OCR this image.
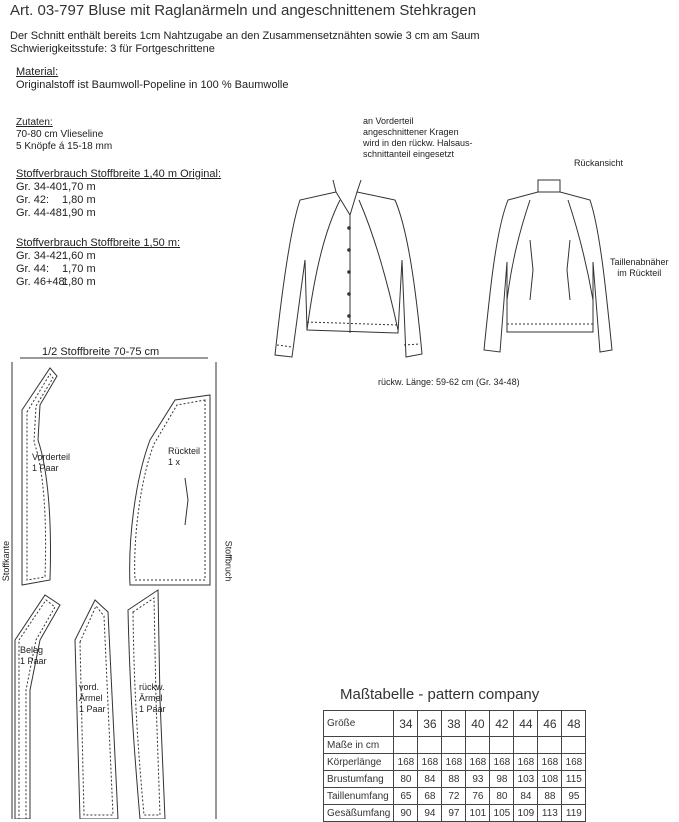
Art. 03-797 Bluse mit Raglanärmeln und angeschnittenem Stehkragen
Der Schnitt enthält bereits 1cm Nahtzugabe an den Zusammensetznähten sowie 3 cm am Saum
Schwierigkeitsstufe: 3 für Fortgeschrittene
Material:
Originalstoff ist Baumwoll-Popeline in 100 % Baumwolle
Zutaten:
70-80 cm Vlieseline
5 Knöpfe á 15-18 mm
Stoffverbrauch Stoffbreite 1,40 m Original:
Gr. 34-40:
1,70 m
Gr. 42:	1,80 m
Gr. 44-48:
1,90 m
Stoffverbrauch Stoffbreite 1,50 m:
Gr. 34-42:
1,60 m
Gr. 44:	1,70 m
Gr. 46+48:
1,80 m
an Vorderteil
angeschnittener Kragen
wird in den rückw. Halsaus-
schnittanteil eingesetzt
Rückansicht
Taillenabnäher
im Rückteil
rückw. Länge: 59-62 cm (Gr. 34-48)
1/2 Stoffbreite 70-75 cm
Stoffkante	Stoffbruch
Vorderteil
1 Paar
Rückteil
1 x
Beleg
1 Paar
vord.
Ärmel
1 Paar
rückw.
Ärmel
1 Paar
Maßtabelle - pattern company
Größe	34	36	38	40	42	44	46	48
Maße in cm								
Körperlänge	168	168	168	168	168	168	168	168
Brustumfang	80	84	88	93	98	103	108	115
Taillenumfang	65	68	72	76	80	84	88	95
Gesäßumfang	90	94	97	101	105	109	113	119
